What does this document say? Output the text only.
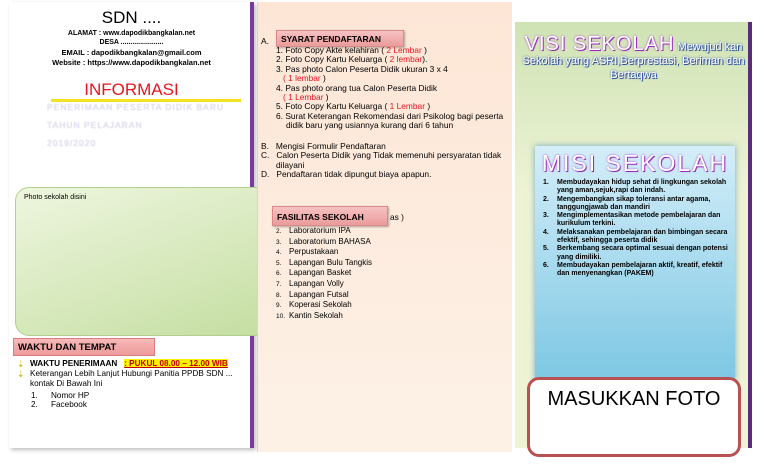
SDN ....
ALAMAT : www.dapodikbangkalan.net
DESA ......................
EMAIL : dapodikbangkalan@gmail.com
Website : https://www.dapodikbangkalan.net
INFORMASI
PENERIMAAN PESERTA DIDIK BARU
TAHUN PELAJARAN
2019/2020
Photo sekolah disini
WAKTU DAN TEMPAT
⇣ WAKTU PENERIMAAN : PUKUL 08.00 – 12.00 WIB
⇣ Keterangan Lebih Lanjut Hubungi Panitia PPDB SDN ... kontak Di Bawah Ini
1. Nomor HP
2. Facebook
A.	SYARAT PENDAFTARAN
1. Foto Copy Akte kelahiran ( 2 Lembar )
2. Foto Copy Kartu Keluarga ( 2 lembar).
3. Pas photo Calon Peserta Didik ukuran 3 x 4
( 1 lembar )
4. Pas photo orang tua Calon Peserta Didik
( 1 Lembar )
5. Foto Copy Kartu Keluarga ( 1 Lembar )
6. Surat Keterangan Rekomendasi dari Psikolog bagi peserta didik baru yang usiannya kurang dari 6 tahun
B. Mengisi Formulir Pendaftaran
C. Calon Peserta Didik yang Tidak memenuhi persyaratan tidak dilayani
D. Pendaftaran tidak dipungut biaya apapun.
as )
FASILITAS SEKOLAH
2. Laboratorium IPA
3. Laboratorium BAHASA
4. Perpustakaan
5. Lapangan Bulu Tangkis
6. Lapangan Basket
7. Lapangan Volly
8. Lapangan Futsal
9. Koperasi Sekolah
10. Kantin Sekolah
VISI SEKOLAH Mewujud kan Sekolah yang ASRI,Berprestasi, Beriman dan Bertaqwa
MISI SEKOLAH
1. Membudayakan hidup sehat di lingkungan sekolah yang aman,sejuk,rapi dan indah.
2. Mengembangkan sikap toleransi antar agama, tanggungjawab dan mandiri
3. Mengimplementasikan metode pembelajaran dan kurikulum terkini.
4. Melaksanakan pembelajaran dan bimbingan secara efektif, sehingga peserta didik
5. Berkembang secara optimal sesuai dengan potensi yang dimiliki.
6. Membudayakan pembelajaran aktif, kreatif, efektif dan menyenangkan (PAKEM)
MASUKKAN FOTO
